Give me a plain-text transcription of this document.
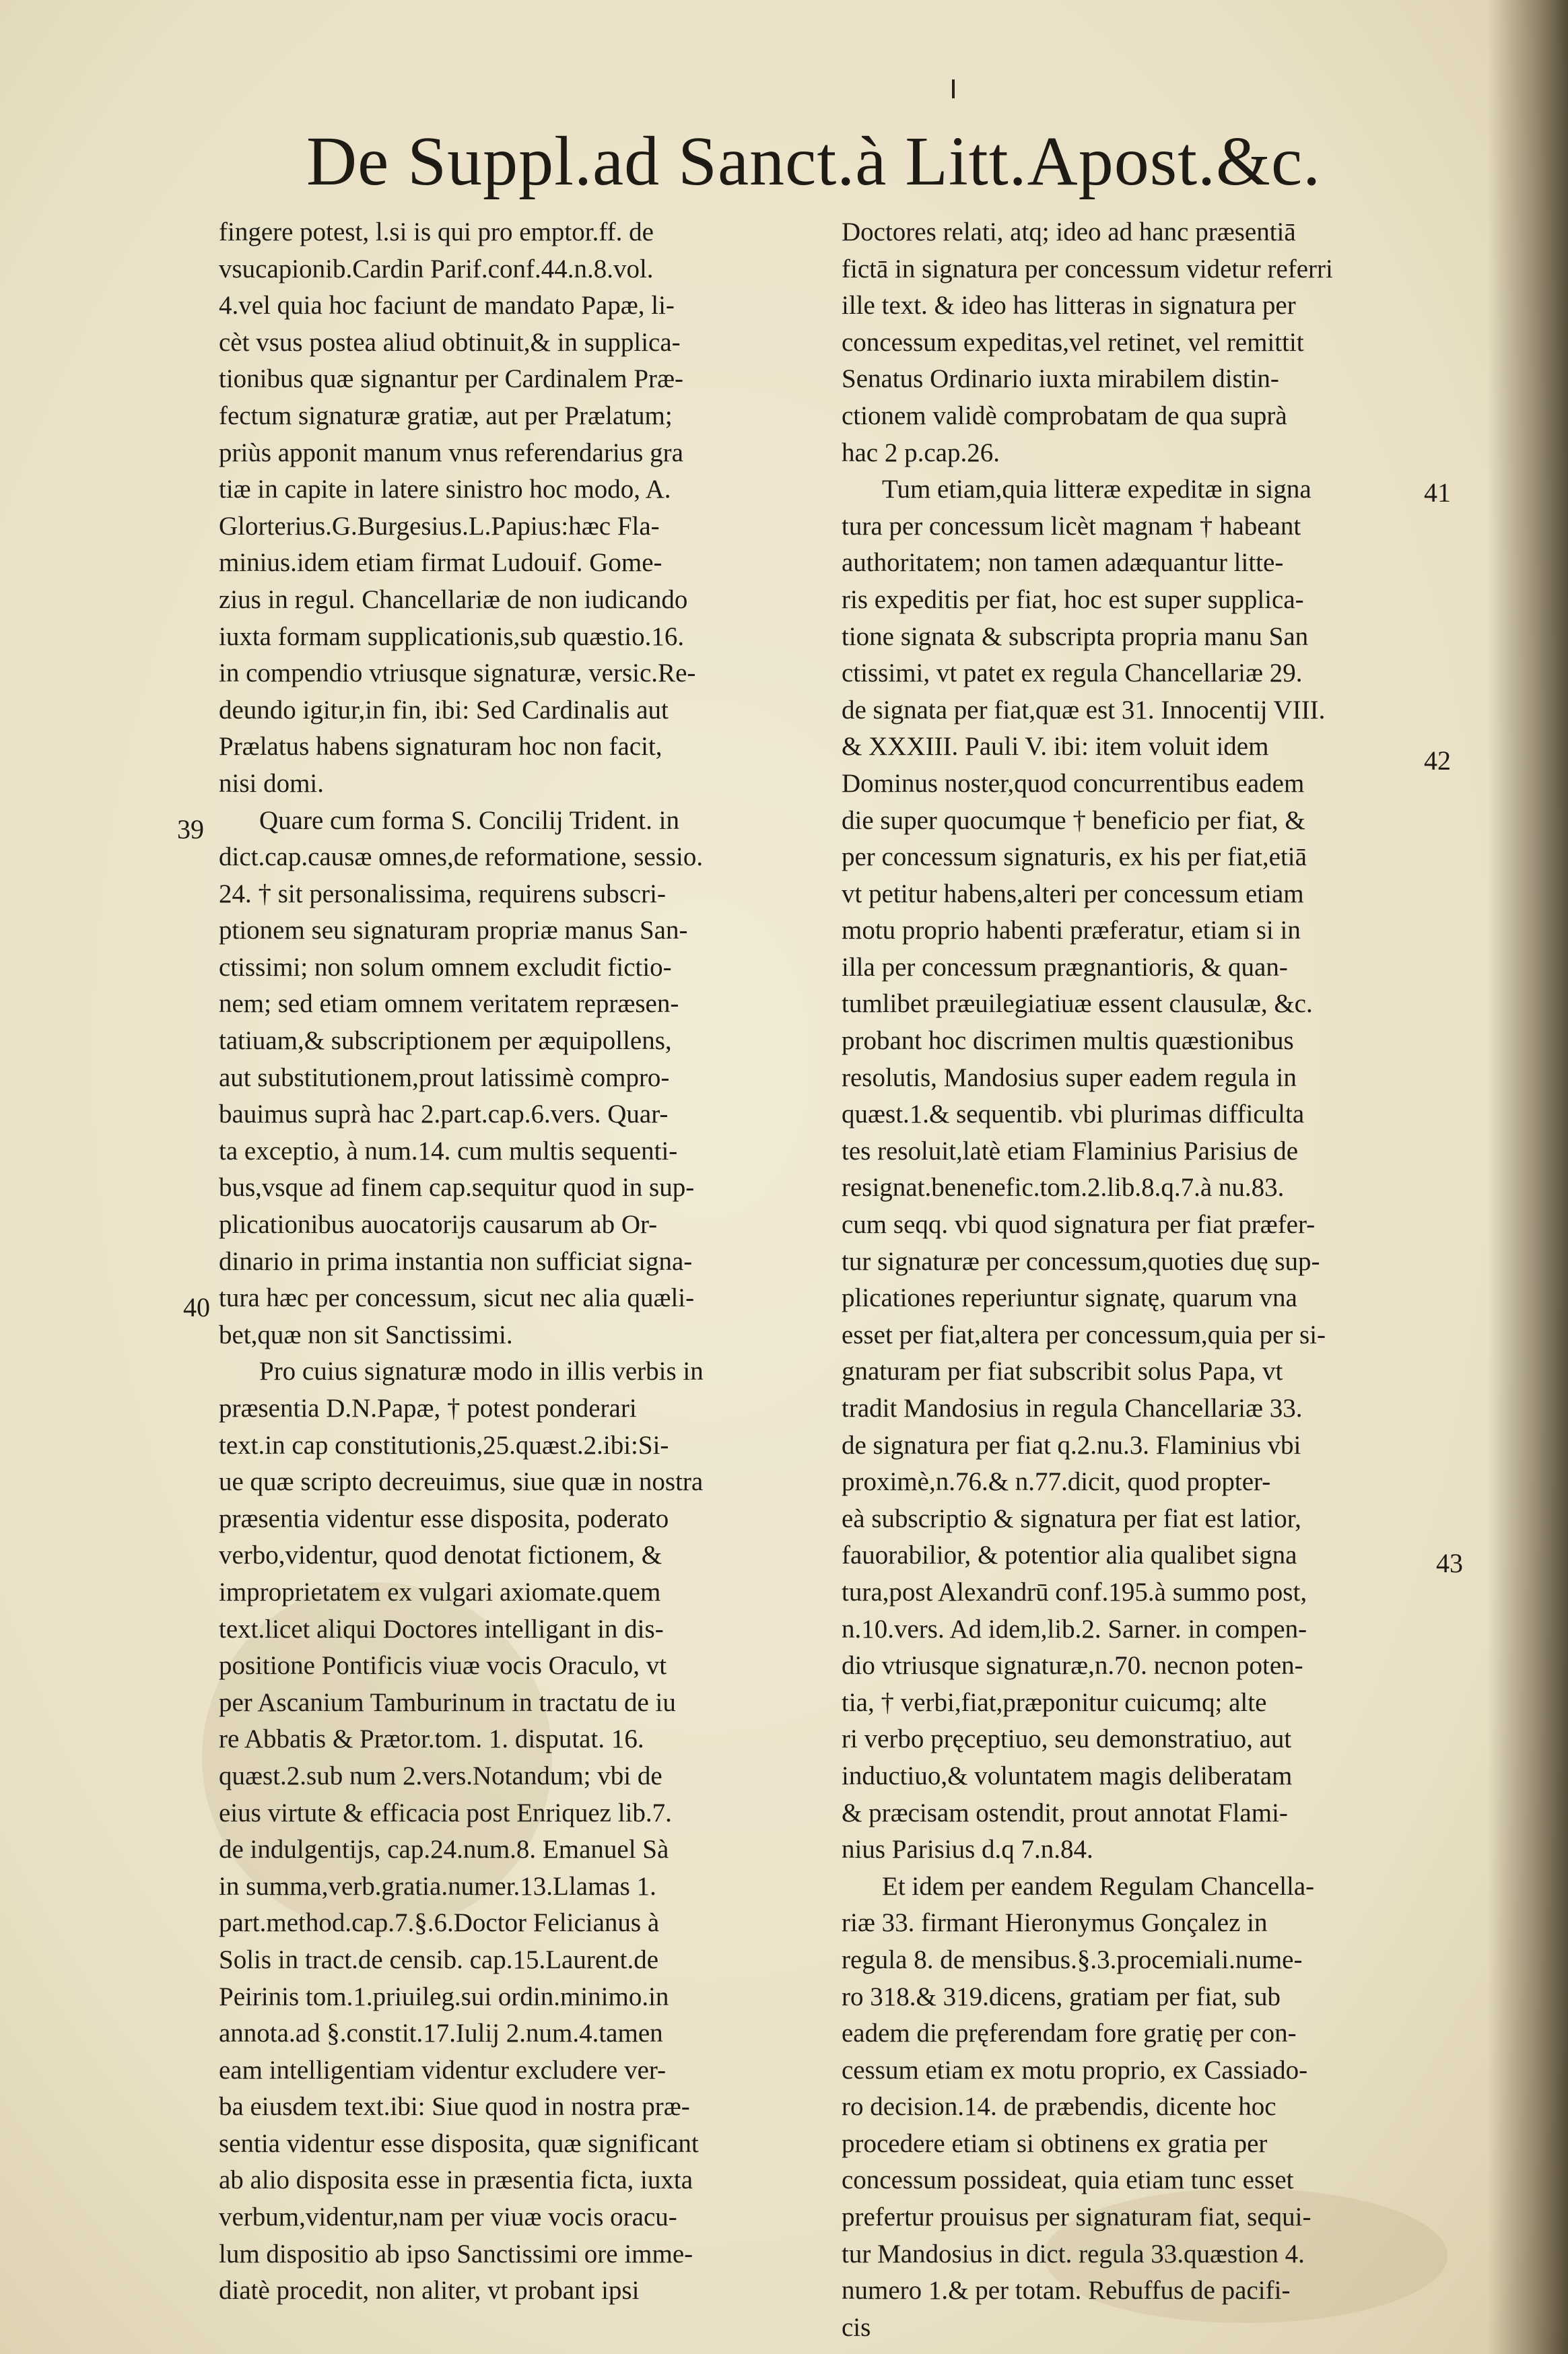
De Suppl.ad Sanct.à Litt.Apost.&c.
fingere potest, l.si is qui pro emptor.ff. de
vsucapionib.Cardin Parif.conf.44.n.8.vol.
4.vel quia hoc faciunt de mandato Papæ, li-
cèt vsus postea aliud obtinuit,& in supplica-
tionibus quæ signantur per Cardinalem Præ-
fectum signaturæ gratiæ, aut per Prælatum;
priùs apponit manum vnus referendarius gra
tiæ in capite in latere sinistro hoc modo, A.
Glorterius.G.Burgesius.L.Papius:hæc Fla-
minius.idem etiam firmat Ludouif. Gome-
zius in regul. Chancellariæ de non iudicando
iuxta formam supplicationis,sub quæstio.16.
in compendio vtriusque signaturæ, versic.Re-
deundo igitur,in fin, ibi: Sed Cardinalis aut
Prælatus habens signaturam hoc non facit,
nisi domi.
Quare cum forma S. Concilij Trident. in
dict.cap.causæ omnes,de reformatione, sessio.
24. † sit personalissima, requirens subscri-
ptionem seu signaturam propriæ manus San-
ctissimi; non solum omnem excludit fictio-
nem; sed etiam omnem veritatem repræsen-
tatiuam,& subscriptionem per æquipollens,
aut substitutionem,prout latissimè compro-
bauimus suprà hac 2.part.cap.6.vers. Quar-
ta exceptio, à num.14. cum multis sequenti-
bus,vsque ad finem cap.sequitur quod in sup-
plicationibus auocatorijs causarum ab Or-
dinario in prima instantia non sufficiat signa-
tura hæc per concessum, sicut nec alia quæli-
bet,quæ non sit Sanctissimi.
Pro cuius signaturæ modo in illis verbis in
præsentia D.N.Papæ, † potest ponderari
text.in cap constitutionis,25.quæst.2.ibi:Si-
ue quæ scripto decreuimus, siue quæ in nostra
præsentia videntur esse disposita, poderato
verbo,videntur, quod denotat fictionem, &
improprietatem ex vulgari axiomate.quem
text.licet aliqui Doctores intelligant in dis-
positione Pontificis viuæ vocis Oraculo, vt
per Ascanium Tamburinum in tractatu de iu
re Abbatis & Prætor.tom. 1. disputat. 16.
quæst.2.sub num 2.vers.Notandum; vbi de
eius virtute & efficacia post Enriquez lib.7.
de indulgentijs, cap.24.num.8. Emanuel Sà
in summa,verb.gratia.numer.13.Llamas 1.
part.method.cap.7.§.6.Doctor Felicianus à
Solis in tract.de censib. cap.15.Laurent.de
Peirinis tom.1.priuileg.sui ordin.minimo.in
annota.ad §.constit.17.Iulij 2.num.4.tamen
eam intelligentiam videntur excludere ver-
ba eiusdem text.ibi: Siue quod in nostra præ-
sentia videntur esse disposita, quæ significant
ab alio disposita esse in præsentia ficta, iuxta
verbum,videntur,nam per viuæ vocis oracu-
lum dispositio ab ipso Sanctissimi ore imme-
diatè procedit, non aliter, vt probant ipsi
Doctores relati, atq; ideo ad hanc præsentiā
fictā in signatura per concessum videtur referri
ille text. & ideo has litteras in signatura per
concessum expeditas,vel retinet, vel remittit
Senatus Ordinario iuxta mirabilem distin-
ctionem validè comprobatam de qua suprà
hac 2 p.cap.26.
Tum etiam,quia litteræ expeditæ in signa
tura per concessum licèt magnam † habeant
authoritatem; non tamen adæquantur litte-
ris expeditis per fiat, hoc est super supplica-
tione signata & subscripta propria manu San
ctissimi, vt patet ex regula Chancellariæ 29.
de signata per fiat,quæ est 31. Innocentij VIII.
& XXXIII. Pauli V. ibi: item voluit idem
Dominus noster,quod concurrentibus eadem
die super quocumque † beneficio per fiat, &
per concessum signaturis, ex his per fiat,etiā
vt petitur habens,alteri per concessum etiam
motu proprio habenti præferatur, etiam si in
illa per concessum prægnantioris, & quan-
tumlibet præuilegiatiuæ essent clausulæ, &c.
probant hoc discrimen multis quæstionibus
resolutis, Mandosius super eadem regula in
quæst.1.& sequentib. vbi plurimas difficulta
tes resoluit,latè etiam Flaminius Parisius de
resignat.benenefic.tom.2.lib.8.q.7.à nu.83.
cum seqq. vbi quod signatura per fiat præfer-
tur signaturæ per concessum,quoties duę sup-
plicationes reperiuntur signatę, quarum vna
esset per fiat,altera per concessum,quia per si-
gnaturam per fiat subscribit solus Papa, vt
tradit Mandosius in regula Chancellariæ 33.
de signatura per fiat q.2.nu.3. Flaminius vbi
proximè,n.76.& n.77.dicit, quod propter-
eà subscriptio & signatura per fiat est latior,
fauorabilior, & potentior alia qualibet signa
tura,post Alexandrū conf.195.à summo post,
n.10.vers. Ad idem,lib.2. Sarner. in compen-
dio vtriusque signaturæ,n.70. necnon poten-
tia, † verbi,fiat,præponitur cuicumq; alte
ri verbo pręceptiuo, seu demonstratiuo, aut
inductiuo,& voluntatem magis deliberatam
& præcisam ostendit, prout annotat Flami-
nius Parisius d.q 7.n.84.
Et idem per eandem Regulam Chancella-
riæ 33. firmant Hieronymus Gonçalez in
regula 8. de mensibus.§.3.procemiali.nume-
ro 318.& 319.dicens, gratiam per fiat, sub
eadem die pręferendam fore gratię per con-
cessum etiam ex motu proprio, ex Cassiado-
ro decision.14. de præbendis, dicente hoc
procedere etiam si obtinens ex gratia per
concessum possideat, quia etiam tunc esset
prefertur prouisus per signaturam fiat, sequi-
tur Mandosius in dict. regula 33.quæstion 4.
numero 1.& per totam. Rebuffus de pacifi-
cis
39
40
41
42
43
